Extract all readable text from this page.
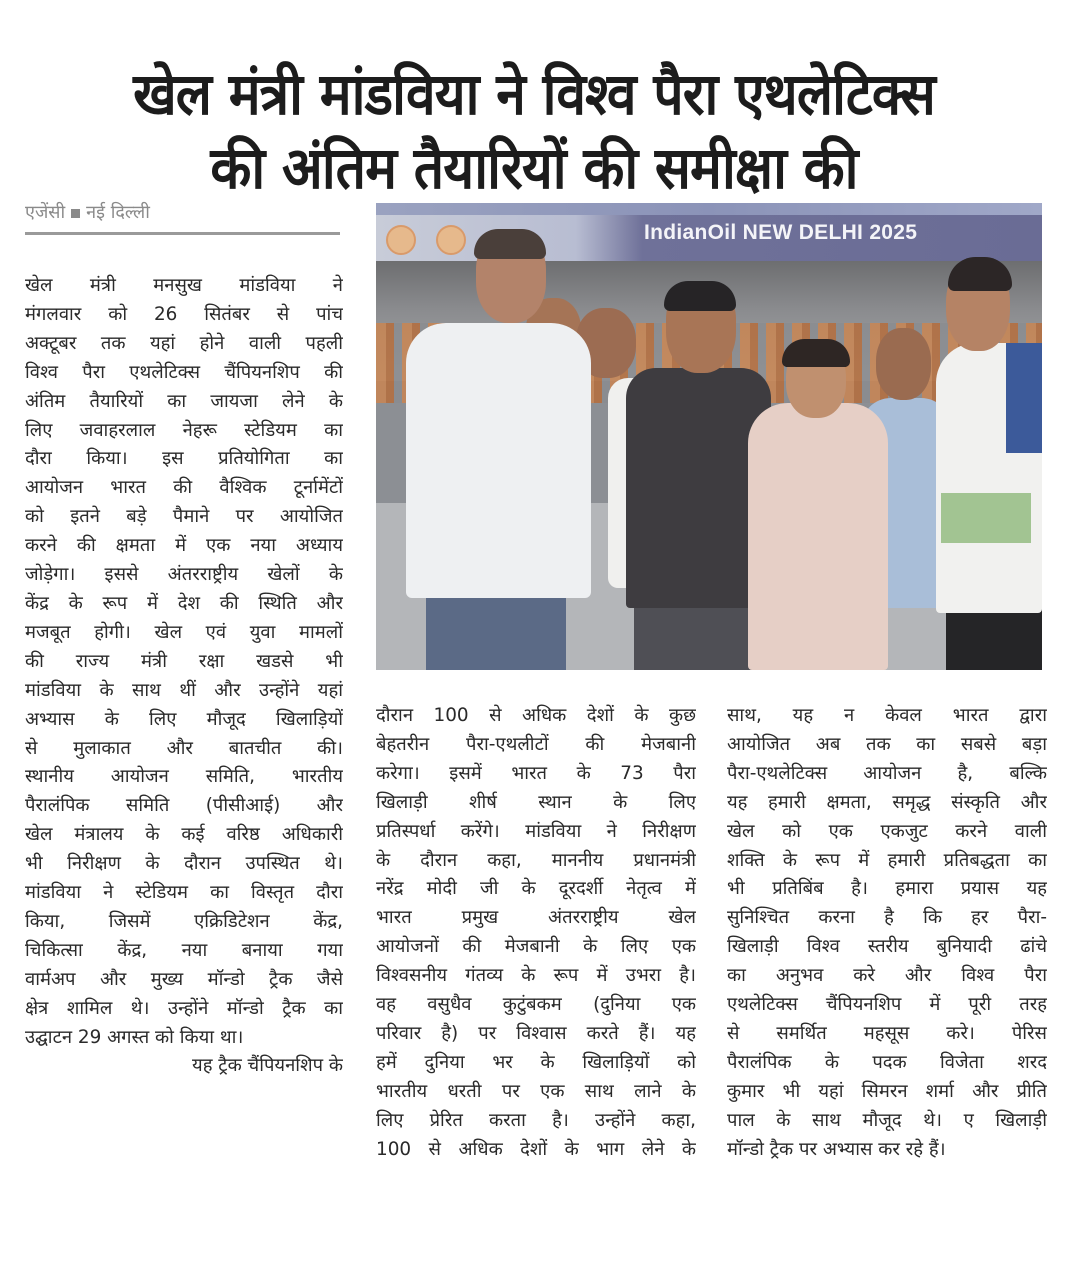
खेल मंत्री मांडविया ने विश्व पैरा एथलेटिक्स
की अंतिम तैयारियों की समीक्षा की
एजेंसी नई दिल्ली
खेल मंत्री मनसुख मांडविया ने
मंगलवार को 26 सितंबर से पांच
अक्टूबर तक यहां होने वाली पहली
विश्व पैरा एथलेटिक्स चैंपियनशिप की
अंतिम तैयारियों का जायजा लेने के
लिए जवाहरलाल नेहरू स्टेडियम का
दौरा किया। इस प्रतियोगिता का
आयोजन भारत की वैश्विक टूर्नामेंटों
को इतने बड़े पैमाने पर आयोजित
करने की क्षमता में एक नया अध्याय
जोड़ेगा। इससे अंतरराष्ट्रीय खेलों के
केंद्र के रूप में देश की स्थिति और
मजबूत होगी। खेल एवं युवा मामलों
की राज्य मंत्री रक्षा खडसे भी
मांडविया के साथ थीं और उन्होंने यहां
अभ्यास के लिए मौजूद खिलाड़ियों
से मुलाकात और बातचीत की।
स्थानीय आयोजन समिति, भारतीय
पैरालंपिक समिति (पीसीआई) और
खेल मंत्रालय के कई वरिष्ठ अधिकारी
भी निरीक्षण के दौरान उपस्थित थे।
मांडविया ने स्टेडियम का विस्तृत दौरा
किया, जिसमें एक्रिडिटेशन केंद्र,
चिकित्सा केंद्र, नया बनाया गया
वार्मअप और मुख्य मॉन्डो ट्रैक जैसे
क्षेत्र शामिल थे। उन्होंने मॉन्डो ट्रैक का
उद्घाटन 29 अगस्त को किया था।
यह ट्रैक चैंपियनशिप के
IndianOil NEW DELHI 2025
दौरान 100 से अधिक देशों के कुछ
बेहतरीन पैरा-एथलीटों की मेजबानी
करेगा। इसमें भारत के 73 पैरा
खिलाड़ी शीर्ष स्थान के लिए
प्रतिस्पर्धा करेंगे। मांडविया ने निरीक्षण
के दौरान कहा, माननीय प्रधानमंत्री
नरेंद्र मोदी जी के दूरदर्शी नेतृत्व में
भारत प्रमुख अंतरराष्ट्रीय खेल
आयोजनों की मेजबानी के लिए एक
विश्वसनीय गंतव्य के रूप में उभरा है।
वह वसुधैव कुटुंबकम (दुनिया एक
परिवार है) पर विश्वास करते हैं। यह
हमें दुनिया भर के खिलाड़ियों को
भारतीय धरती पर एक साथ लाने के
लिए प्रेरित करता है। उन्होंने कहा,
100 से अधिक देशों के भाग लेने के
साथ, यह न केवल भारत द्वारा
आयोजित अब तक का सबसे बड़ा
पैरा-एथलेटिक्स आयोजन है, बल्कि
यह हमारी क्षमता, समृद्ध संस्कृति और
खेल को एक एकजुट करने वाली
शक्ति के रूप में हमारी प्रतिबद्धता का
भी प्रतिबिंब है। हमारा प्रयास यह
सुनिश्चित करना है कि हर पैरा-
खिलाड़ी विश्व स्तरीय बुनियादी ढांचे
का अनुभव करे और विश्व पैरा
एथलेटिक्स चैंपियनशिप में पूरी तरह
से समर्थित महसूस करे। पेरिस
पैरालंपिक के पदक विजेता शरद
कुमार भी यहां सिमरन शर्मा और प्रीति
पाल के साथ मौजूद थे। ए खिलाड़ी
मॉन्डो ट्रैक पर अभ्यास कर रहे हैं।
